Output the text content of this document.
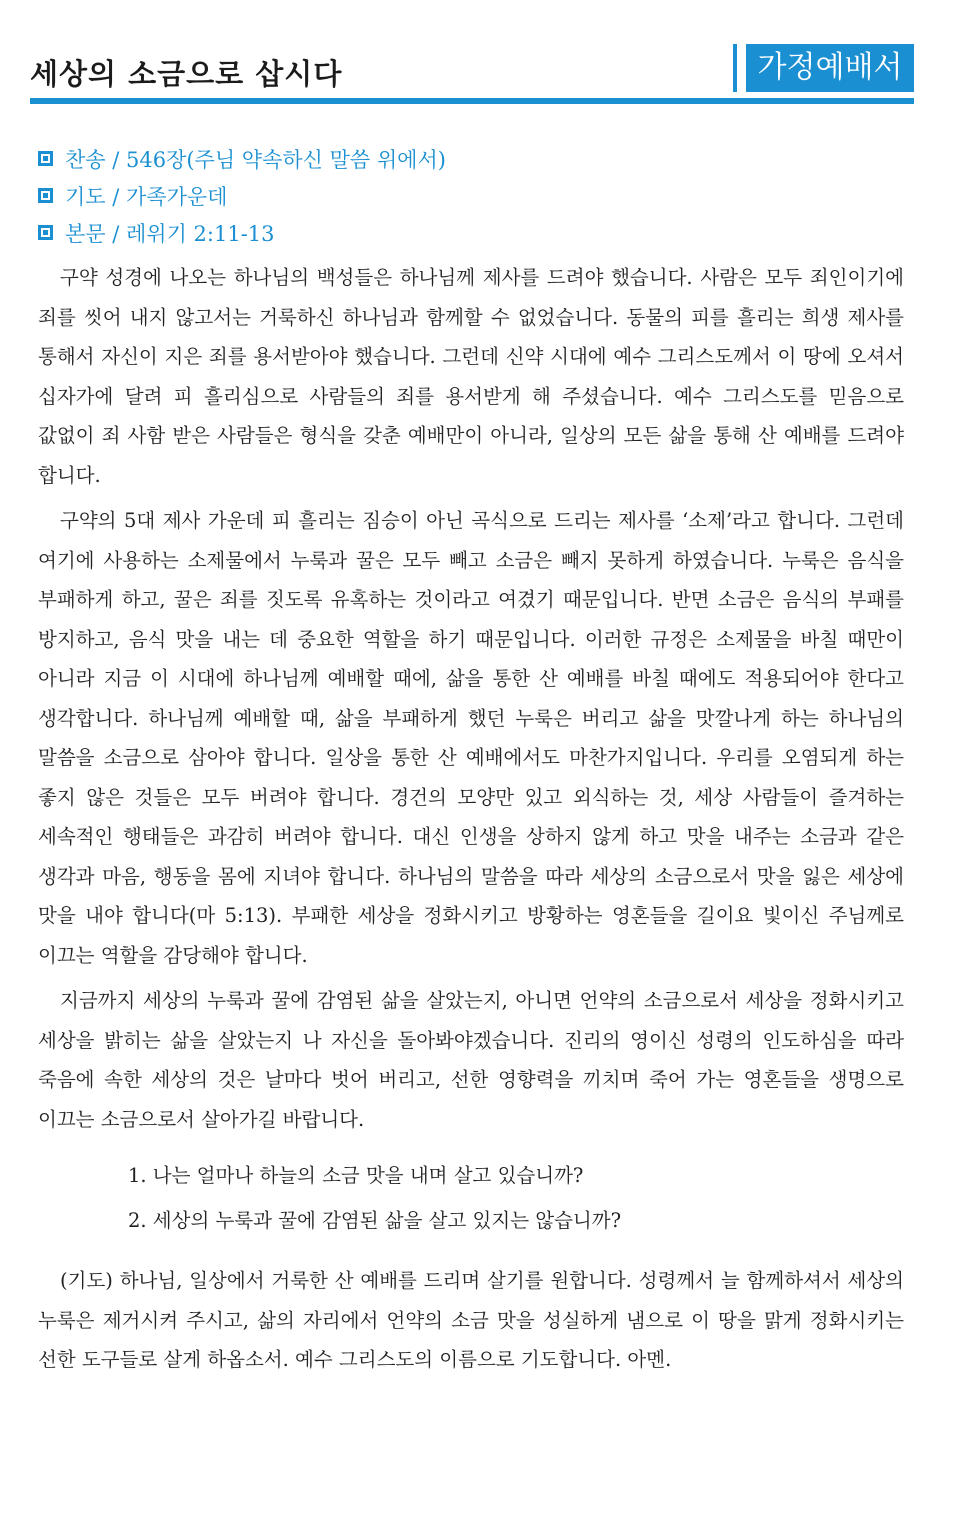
세상의 소금으로 삽시다	가정예배서
찬송 / 546장(주님 약속하신 말씀 위에서)
기도 / 가족가운데
본문 / 레위기 2:11-13

구약 성경에 나오는 하나님의 백성들은 하나님께 제사를 드려야 했습니다. 사람은 모두 죄인이기에 죄를 씻어 내지 않고서는 거룩하신 하나님과 함께할 수 없었습니다. 동물의 피를 흘리는 희생 제사를 통해서 자신이 지은 죄를 용서받아야 했습니다. 그런데 신약 시대에 예수 그리스도께서 이 땅에 오셔서 십자가에 달려 피 흘리심으로 사람들의 죄를 용서받게 해 주셨습니다. 예수 그리스도를 믿음으로 값없이 죄 사함 받은 사람들은 형식을 갖춘 예배만이 아니라, 일상의 모든 삶을 통해 산 예배를 드려야 합니다.

구약의 5대 제사 가운데 피 흘리는 짐승이 아닌 곡식으로 드리는 제사를 ‘소제’라고 합니다. 그런데 여기에 사용하는 소제물에서 누룩과 꿀은 모두 빼고 소금은 빼지 못하게 하였습니다. 누룩은 음식을 부패하게 하고, 꿀은 죄를 짓도록 유혹하는 것이라고 여겼기 때문입니다. 반면 소금은 음식의 부패를 방지하고, 음식 맛을 내는 데 중요한 역할을 하기 때문입니다. 이러한 규정은 소제물을 바칠 때만이 아니라 지금 이 시대에 하나님께 예배할 때에, 삶을 통한 산 예배를 바칠 때에도 적용되어야 한다고 생각합니다. 하나님께 예배할 때, 삶을 부패하게 했던 누룩은 버리고 삶을 맛깔나게 하는 하나님의 말씀을 소금으로 삼아야 합니다. 일상을 통한 산 예배에서도 마찬가지입니다. 우리를 오염되게 하는 좋지 않은 것들은 모두 버려야 합니다. 경건의 모양만 있고 외식하는 것, 세상 사람들이 즐겨하는 세속적인 행태들은 과감히 버려야 합니다. 대신 인생을 상하지 않게 하고 맛을 내주는 소금과 같은 생각과 마음, 행동을 몸에 지녀야 합니다. 하나님의 말씀을 따라 세상의 소금으로서 맛을 잃은 세상에 맛을 내야 합니다(마 5:13). 부패한 세상을 정화시키고 방황하는 영혼들을 길이요 빛이신 주님께로 이끄는 역할을 감당해야 합니다.

지금까지 세상의 누룩과 꿀에 감염된 삶을 살았는지, 아니면 언약의 소금으로서 세상을 정화시키고 세상을 밝히는 삶을 살았는지 나 자신을 돌아봐야겠습니다. 진리의 영이신 성령의 인도하심을 따라 죽음에 속한 세상의 것은 날마다 벗어 버리고, 선한 영향력을 끼치며 죽어 가는 영혼들을 생명으로 이끄는 소금으로서 살아가길 바랍니다.

1. 나는 얼마나 하늘의 소금 맛을 내며 살고 있습니까?
2. 세상의 누룩과 꿀에 감염된 삶을 살고 있지는 않습니까?

(기도) 하나님, 일상에서 거룩한 산 예배를 드리며 살기를 원합니다. 성령께서 늘 함께하셔서 세상의 누룩은 제거시켜 주시고, 삶의 자리에서 언약의 소금 맛을 성실하게 냄으로 이 땅을 맑게 정화시키는 선한 도구들로 살게 하옵소서. 예수 그리스도의 이름으로 기도합니다. 아멘.
